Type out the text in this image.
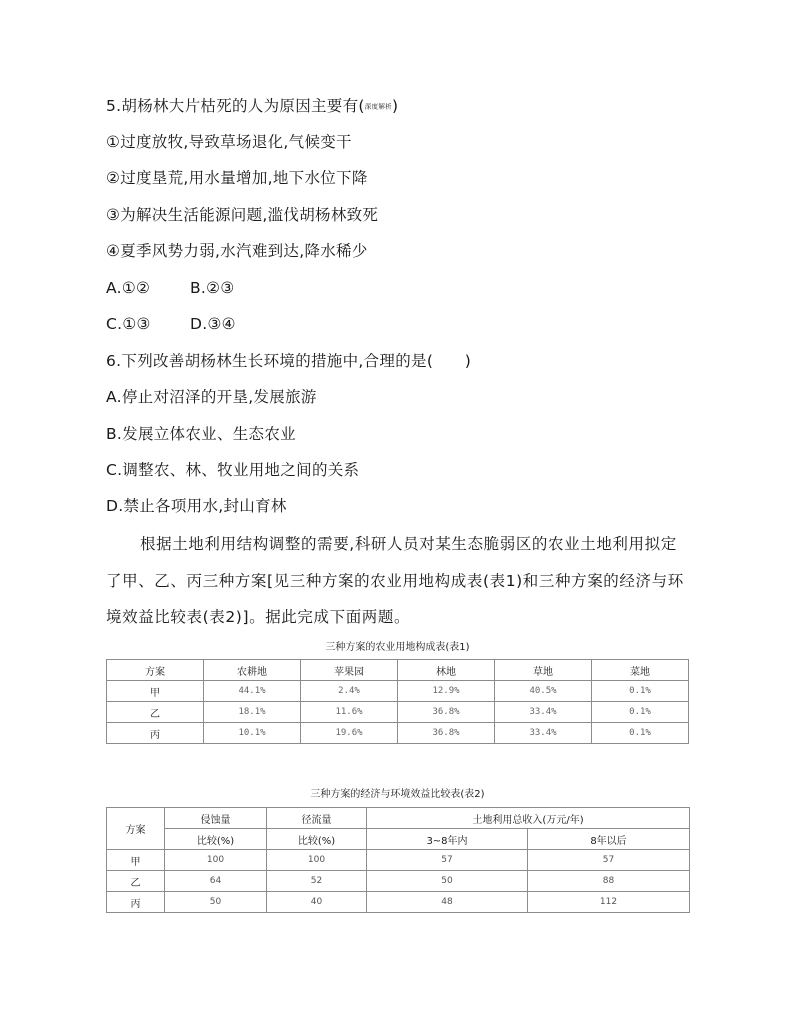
5.胡杨林大片枯死的人为原因主要有(深度解析)
①过度放牧,导致草场退化,气候变干
②过度垦荒,用水量增加,地下水位下降
③为解决生活能源问题,滥伐胡杨林致死
④夏季风势力弱,水汽难到达,降水稀少
A.①②	B.②③
C.①③	D.③④
6.下列改善胡杨林生长环境的措施中,合理的是(　　)
A.停止对沼泽的开垦,发展旅游
B.发展立体农业、生态农业
C.调整农、林、牧业用地之间的关系
D.禁止各项用水,封山育林
根据土地利用结构调整的需要,科研人员对某生态脆弱区的农业土地利用拟定了甲、乙、丙三种方案[见三种方案的农业用地构成表(表1)和三种方案的经济与环境效益比较表(表2)]。据此完成下面两题。
三种方案的农业用地构成表(表1)
方案	农耕地	苹果园	林地	草地	菜地
甲	44.1%	2.4%	12.9%	40.5%	0.1%
乙	18.1%	11.6%	36.8%	33.4%	0.1%
丙	10.1%	19.6%	36.8%	33.4%	0.1%
三种方案的经济与环境效益比较表(表2)
方案	侵蚀量	径流量	土地利用总收入(万元/年)	
	比较(%)	比较(%)	3~8年内	8年以后
甲	100	100	57	57
乙	64	52	50	88
丙	50	40	48	112
